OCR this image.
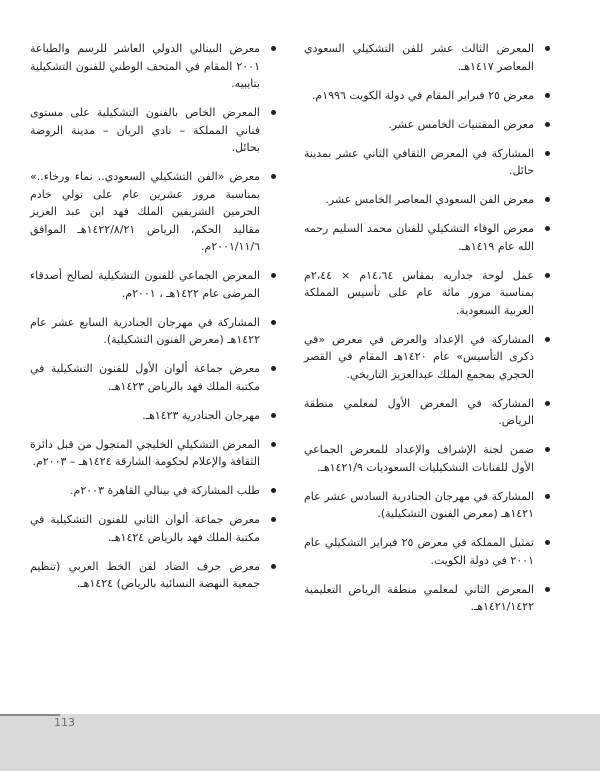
المعرض الثالث عشر للفن التشكيلي السعودي المعاصر ١٤١٧هـ.
معرض ٢٥ فبراير المقام في دولة الكويت ١٩٩٦م.
معرض المقتنيات الخامس عشر.
المشاركة في المعرض الثقافي الثاني عشر بمدينة حائل.
معرض الفن السعودي المعاصر الخامس عشر.
معرض الوفاء التشكيلي للفنان محمد السليم رحمه الله عام ١٤١٩هـ.
عمل لوحة جداريه بمقاس ١٤،٦٤م × ٢،٤٤م بمناسبة مرور مائة عام على تأسيس المملكة العربية السعودية.
المشاركة في الإعداد والعرض في معرض «في ذكرى التأسيس» عام ١٤٢٠هـ المقام في القصر الحجري بمجمع الملك عبدالعزيز التاريخي.
المشاركة في المعرض الأول لمعلمي منطقة الرياض.
ضمن لجنة الإشراف والإعداد للمعرض الجماعي الأول للفنانات التشكيليات السعوديات ١٤٢١/٩هـ.
المشاركة في مهرجان الجنادرية السادس عشر عام ١٤٢١هـ (معرض الفنون التشكيلية).
تمثيل المملكة في معرض ٢٥ فبراير التشكيلي عام ٢٠٠١ في دولة الكويت.
المعرض الثاني لمعلمي منطقة الرياض التعليمية ١٤٢١/١٤٢٢هـ.
معرض البينالي الدولي العاشر للرسم والطباعة ٢٠٠١ المقام في المتحف الوطني للفنون التشكيلية بتايبيه.
المعرض الخاص بالفنون التشكيلية على مستوى فناني المملكة – نادي الريان – مدينة الروضة بحائل.
معرض «الفن التشكيلي السعودي.. نماء ورخاء..» بمناسبة مرور عشرين عام على تولي خادم الحرمين الشريفين الملك فهد ابن عبد العزيز مقاليد الحكم، الرياض ١٤٢٢/٨/٢١هـ الموافق ٢٠٠١/١١/٦م.
المعرض الجماعي للفنون التشكيلية لصالح أصدقاء المرضى عام ١٤٢٢هـ ، ٢٠٠١م.
المشاركة في مهرجان الجنادرية السابع عشر عام ١٤٢٢هـ (معرض الفنون التشكيلية).
معرض جماعة ألوان الأول للفنون التشكيلية في مكتبة الملك فهد بالرياض ١٤٢٣هـ.
مهرجان الجنادرية ١٤٢٣هـ.
المعرض التشكيلي الخليجي المتجول من قبل دائرة الثقافة والإعلام لحكومة الشارقة ١٤٢٤هـ – ٢٠٠٣م.
طلب المشاركة في بينالي القاهرة ٢٠٠٣م.
معرض جماعة ألوان الثاني للفنون التشكيلية في مكتبة الملك فهد بالرياض ١٤٢٤هـ.
معرض حرف الضاد لفن الخط العربي (تنظيم جمعية النهضة النسائية بالرياض) ١٤٢٤هـ.
113
